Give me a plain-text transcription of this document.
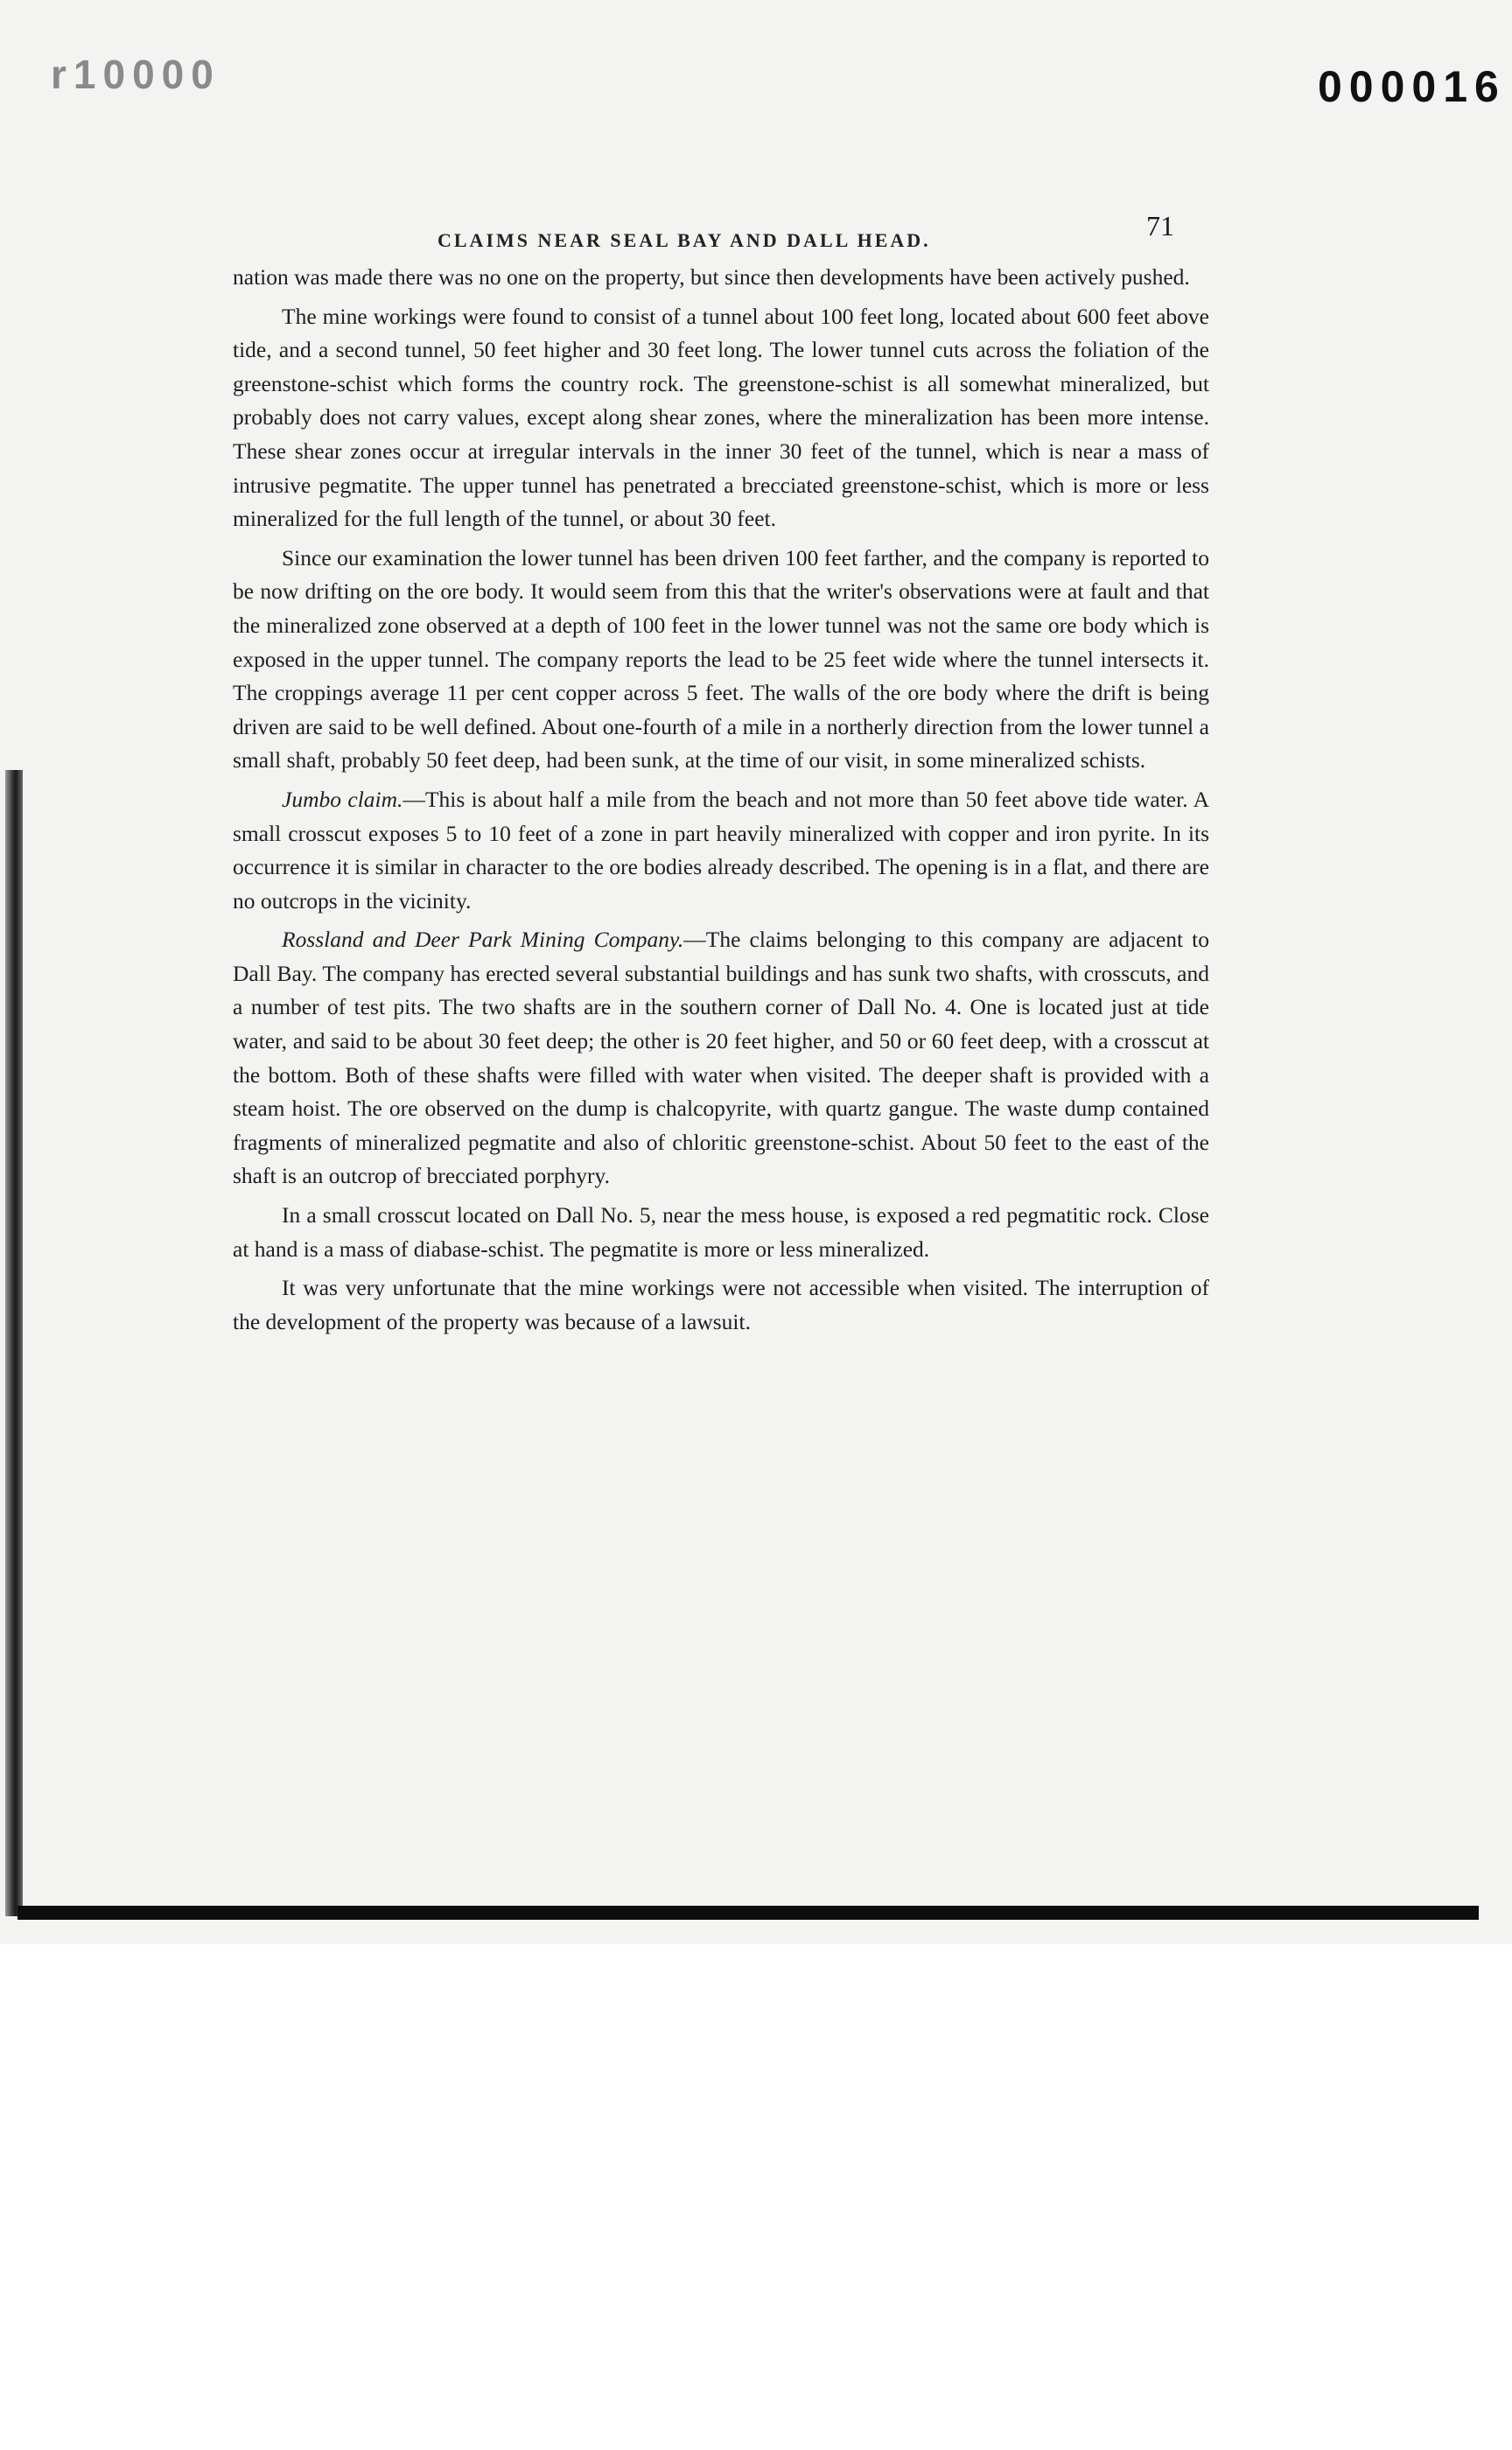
r10000	000016
CLAIMS NEAR SEAL BAY AND DALL HEAD.	71

nation was made there was no one on the property, but since then developments have been actively pushed.

The mine workings were found to consist of a tunnel about 100 feet long, located about 600 feet above tide, and a second tunnel, 50 feet higher and 30 feet long. The lower tunnel cuts across the foliation of the greenstone-schist which forms the country rock. The greenstone-schist is all somewhat mineralized, but probably does not carry values, except along shear zones, where the mineralization has been more intense. These shear zones occur at irregular intervals in the inner 30 feet of the tunnel, which is near a mass of intrusive pegmatite. The upper tunnel has penetrated a brecciated greenstone-schist, which is more or less mineralized for the full length of the tunnel, or about 30 feet.

Since our examination the lower tunnel has been driven 100 feet farther, and the company is reported to be now drifting on the ore body. It would seem from this that the writer's observations were at fault and that the mineralized zone observed at a depth of 100 feet in the lower tunnel was not the same ore body which is exposed in the upper tunnel. The company reports the lead to be 25 feet wide where the tunnel intersects it. The croppings average 11 per cent copper across 5 feet. The walls of the ore body where the drift is being driven are said to be well defined. About one-fourth of a mile in a northerly direction from the lower tunnel a small shaft, probably 50 feet deep, had been sunk, at the time of our visit, in some mineralized schists.

Jumbo claim.—This is about half a mile from the beach and not more than 50 feet above tide water. A small crosscut exposes 5 to 10 feet of a zone in part heavily mineralized with copper and iron pyrite. In its occurrence it is similar in character to the ore bodies already described. The opening is in a flat, and there are no outcrops in the vicinity.

Rossland and Deer Park Mining Company.—The claims belonging to this company are adjacent to Dall Bay. The company has erected several substantial buildings and has sunk two shafts, with crosscuts, and a number of test pits. The two shafts are in the southern corner of Dall No. 4. One is located just at tide water, and said to be about 30 feet deep; the other is 20 feet higher, and 50 or 60 feet deep, with a crosscut at the bottom. Both of these shafts were filled with water when visited. The deeper shaft is provided with a steam hoist. The ore observed on the dump is chalcopyrite, with quartz gangue. The waste dump contained fragments of mineralized pegmatite and also of chloritic greenstone-schist. About 50 feet to the east of the shaft is an outcrop of brecciated porphyry.

In a small crosscut located on Dall No. 5, near the mess house, is exposed a red pegmatitic rock. Close at hand is a mass of diabase-schist. The pegmatite is more or less mineralized.

It was very unfortunate that the mine workings were not accessible when visited. The interruption of the development of the property was because of a lawsuit.
